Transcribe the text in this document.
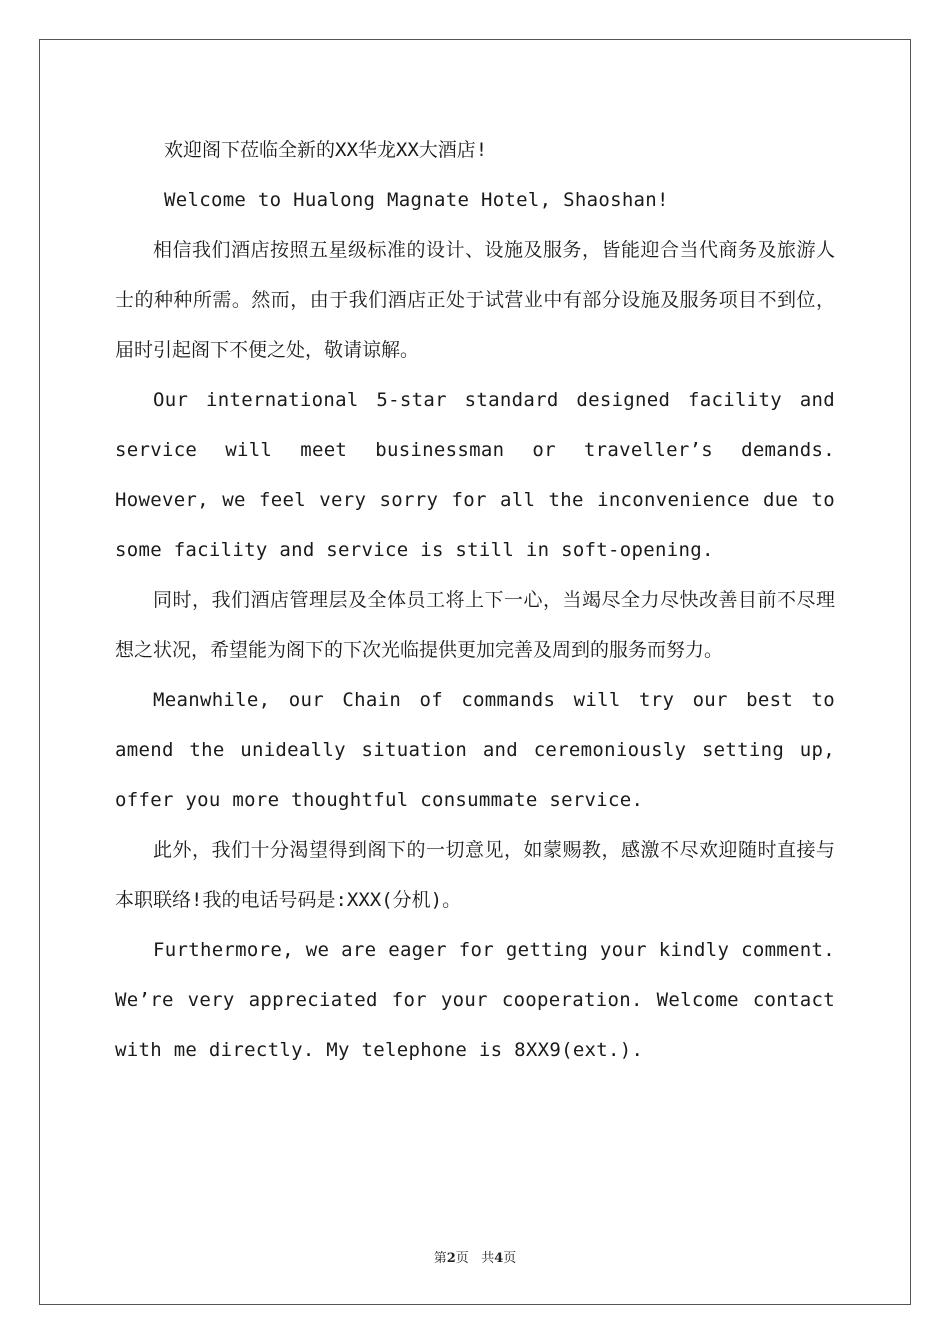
欢迎阁下莅临全新的XX华龙XX大酒店!

Welcome to Hualong Magnate Hotel, Shaoshan!

相信我们酒店按照五星级标准的设计、设施及服务，皆能迎合当代商务及旅游人士的种种所需。然而，由于我们酒店正处于试营业中有部分设施及服务项目不到位，届时引起阁下不便之处，敬请谅解。

Our international 5-star standard designed facility and service will meet businessman or traveller’s demands. However, we feel very sorry for all the inconvenience due to some facility and service is still in soft-opening.

同时，我们酒店管理层及全体员工将上下一心，当竭尽全力尽快改善目前不尽理想之状况，希望能为阁下的下次光临提供更加完善及周到的服务而努力。

Meanwhile, our Chain of commands will try our best to amend the unideally situation and ceremoniously setting up, offer you more thoughtful consummate service.

此外，我们十分渴望得到阁下的一切意见，如蒙赐教，感激不尽欢迎随时直接与本职联络!我的电话号码是:XXX(分机)。

Furthermore, we are eager for getting your kindly comment. We’re very appreciated for your cooperation. Welcome contact with me directly. My telephone is 8XX9(ext.).

第2页 共4页
